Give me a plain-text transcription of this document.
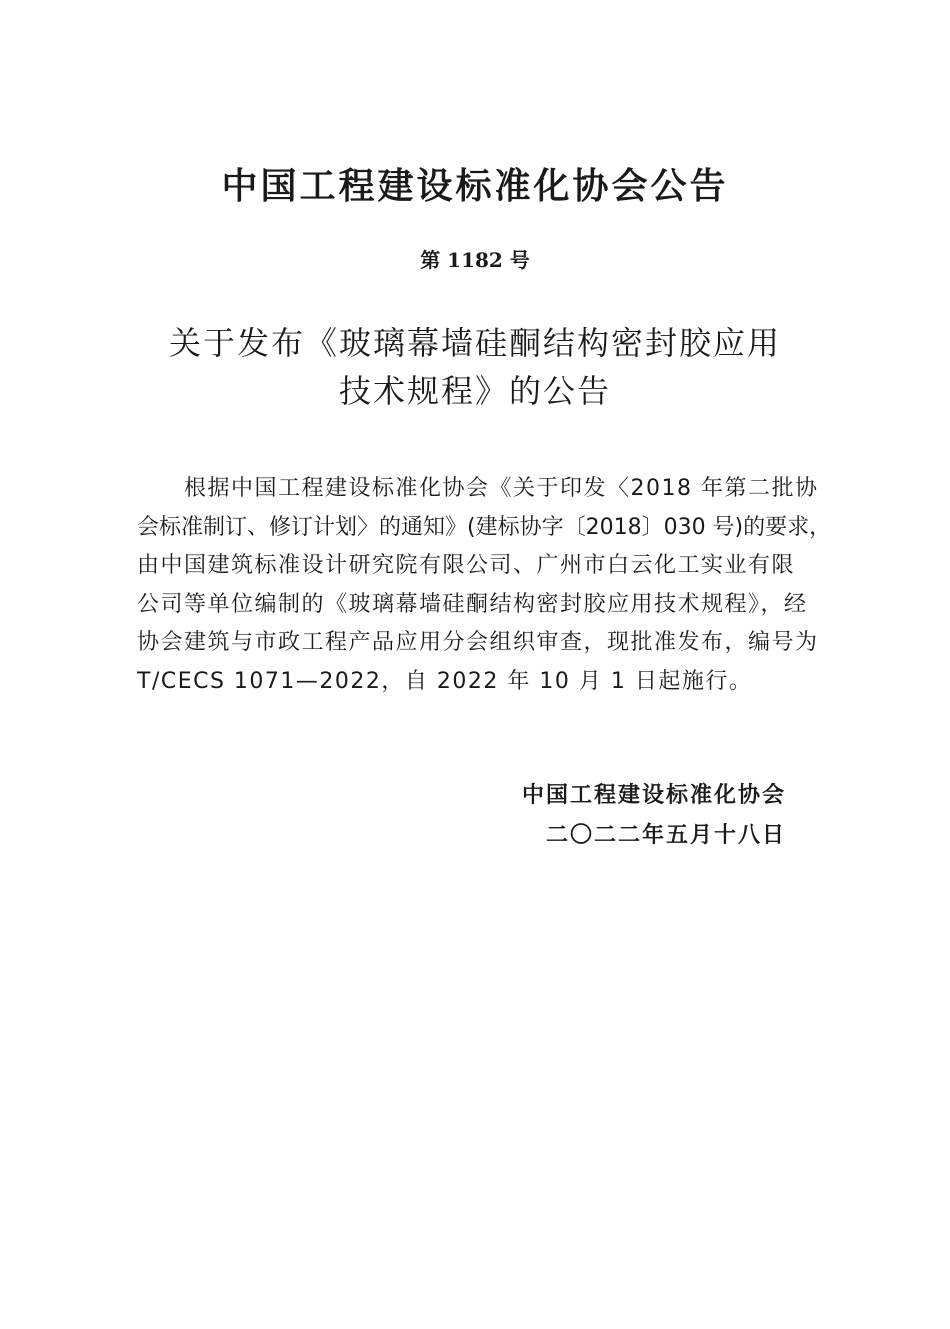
中国工程建设标准化协会公告
第 1182 号
关于发布《玻璃幕墙硅酮结构密封胶应用
技术规程》的公告
　　根据中国工程建设标准化协会《关于印发〈2018 年第二批协
会标准制订、修订计划〉的通知》(建标协字〔2018〕030 号)的要求，
由中国建筑标准设计研究院有限公司、广州市白云化工实业有限
公司等单位编制的《玻璃幕墙硅酮结构密封胶应用技术规程》，经
协会建筑与市政工程产品应用分会组织审查，现批准发布，编号为
T/CECS 1071—2022，自 2022 年 10 月 1 日起施行。
中国工程建设标准化协会
二〇二二年五月十八日
